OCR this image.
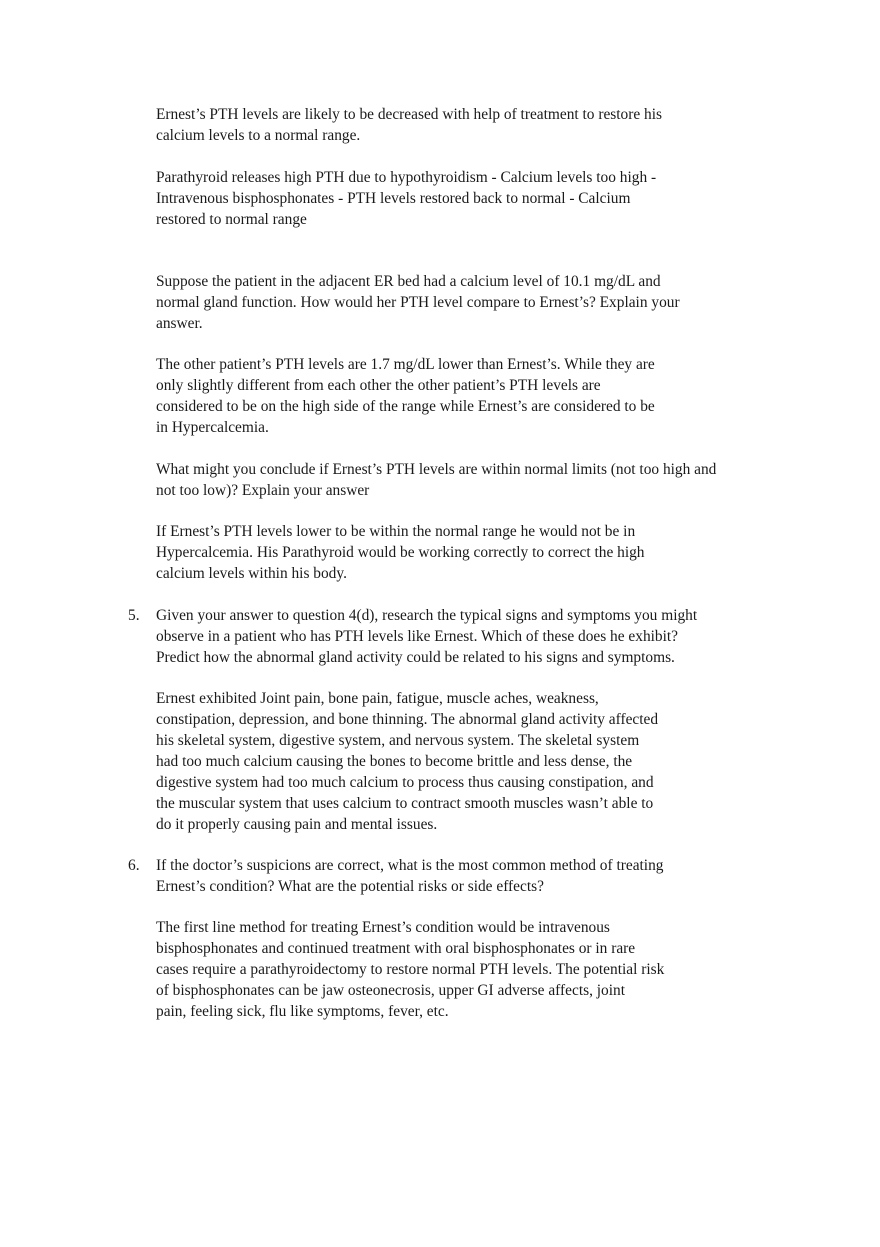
Ernest’s PTH levels are likely to be decreased with help of treatment to restore his
calcium levels to a normal range.
Parathyroid releases high PTH due to hypothyroidism - Calcium levels too high -
Intravenous bisphosphonates - PTH levels restored back to normal - Calcium
restored to normal range
Suppose the patient in the adjacent ER bed had a calcium level of 10.1 mg/dL and
normal gland function. How would her PTH level compare to Ernest’s? Explain your
answer.
The other patient’s PTH levels are 1.7 mg/dL lower than Ernest’s. While they are
only slightly different from each other the other patient’s PTH levels are
considered to be on the high side of the range while Ernest’s are considered to be
in Hypercalcemia.
What might you conclude if Ernest’s PTH levels are within normal limits (not too high and
not too low)? Explain your answer
If Ernest’s PTH levels lower to be within the normal range he would not be in
Hypercalcemia. His Parathyroid would be working correctly to correct the high
calcium levels within his body.
5. Given your answer to question 4(d), research the typical signs and symptoms you might
observe in a patient who has PTH levels like Ernest. Which of these does he exhibit?
Predict how the abnormal gland activity could be related to his signs and symptoms.
Ernest exhibited Joint pain, bone pain, fatigue, muscle aches, weakness,
constipation, depression, and bone thinning. The abnormal gland activity affected
his skeletal system, digestive system, and nervous system. The skeletal system
had too much calcium causing the bones to become brittle and less dense, the
digestive system had too much calcium to process thus causing constipation, and
the muscular system that uses calcium to contract smooth muscles wasn’t able to
do it properly causing pain and mental issues.
6. If the doctor’s suspicions are correct, what is the most common method of treating
Ernest’s condition? What are the potential risks or side effects?
The first line method for treating Ernest’s condition would be intravenous
bisphosphonates and continued treatment with oral bisphosphonates or in rare
cases require a parathyroidectomy to restore normal PTH levels. The potential risk
of bisphosphonates can be jaw osteonecrosis, upper GI adverse affects, joint
pain, feeling sick, flu like symptoms, fever, etc.
